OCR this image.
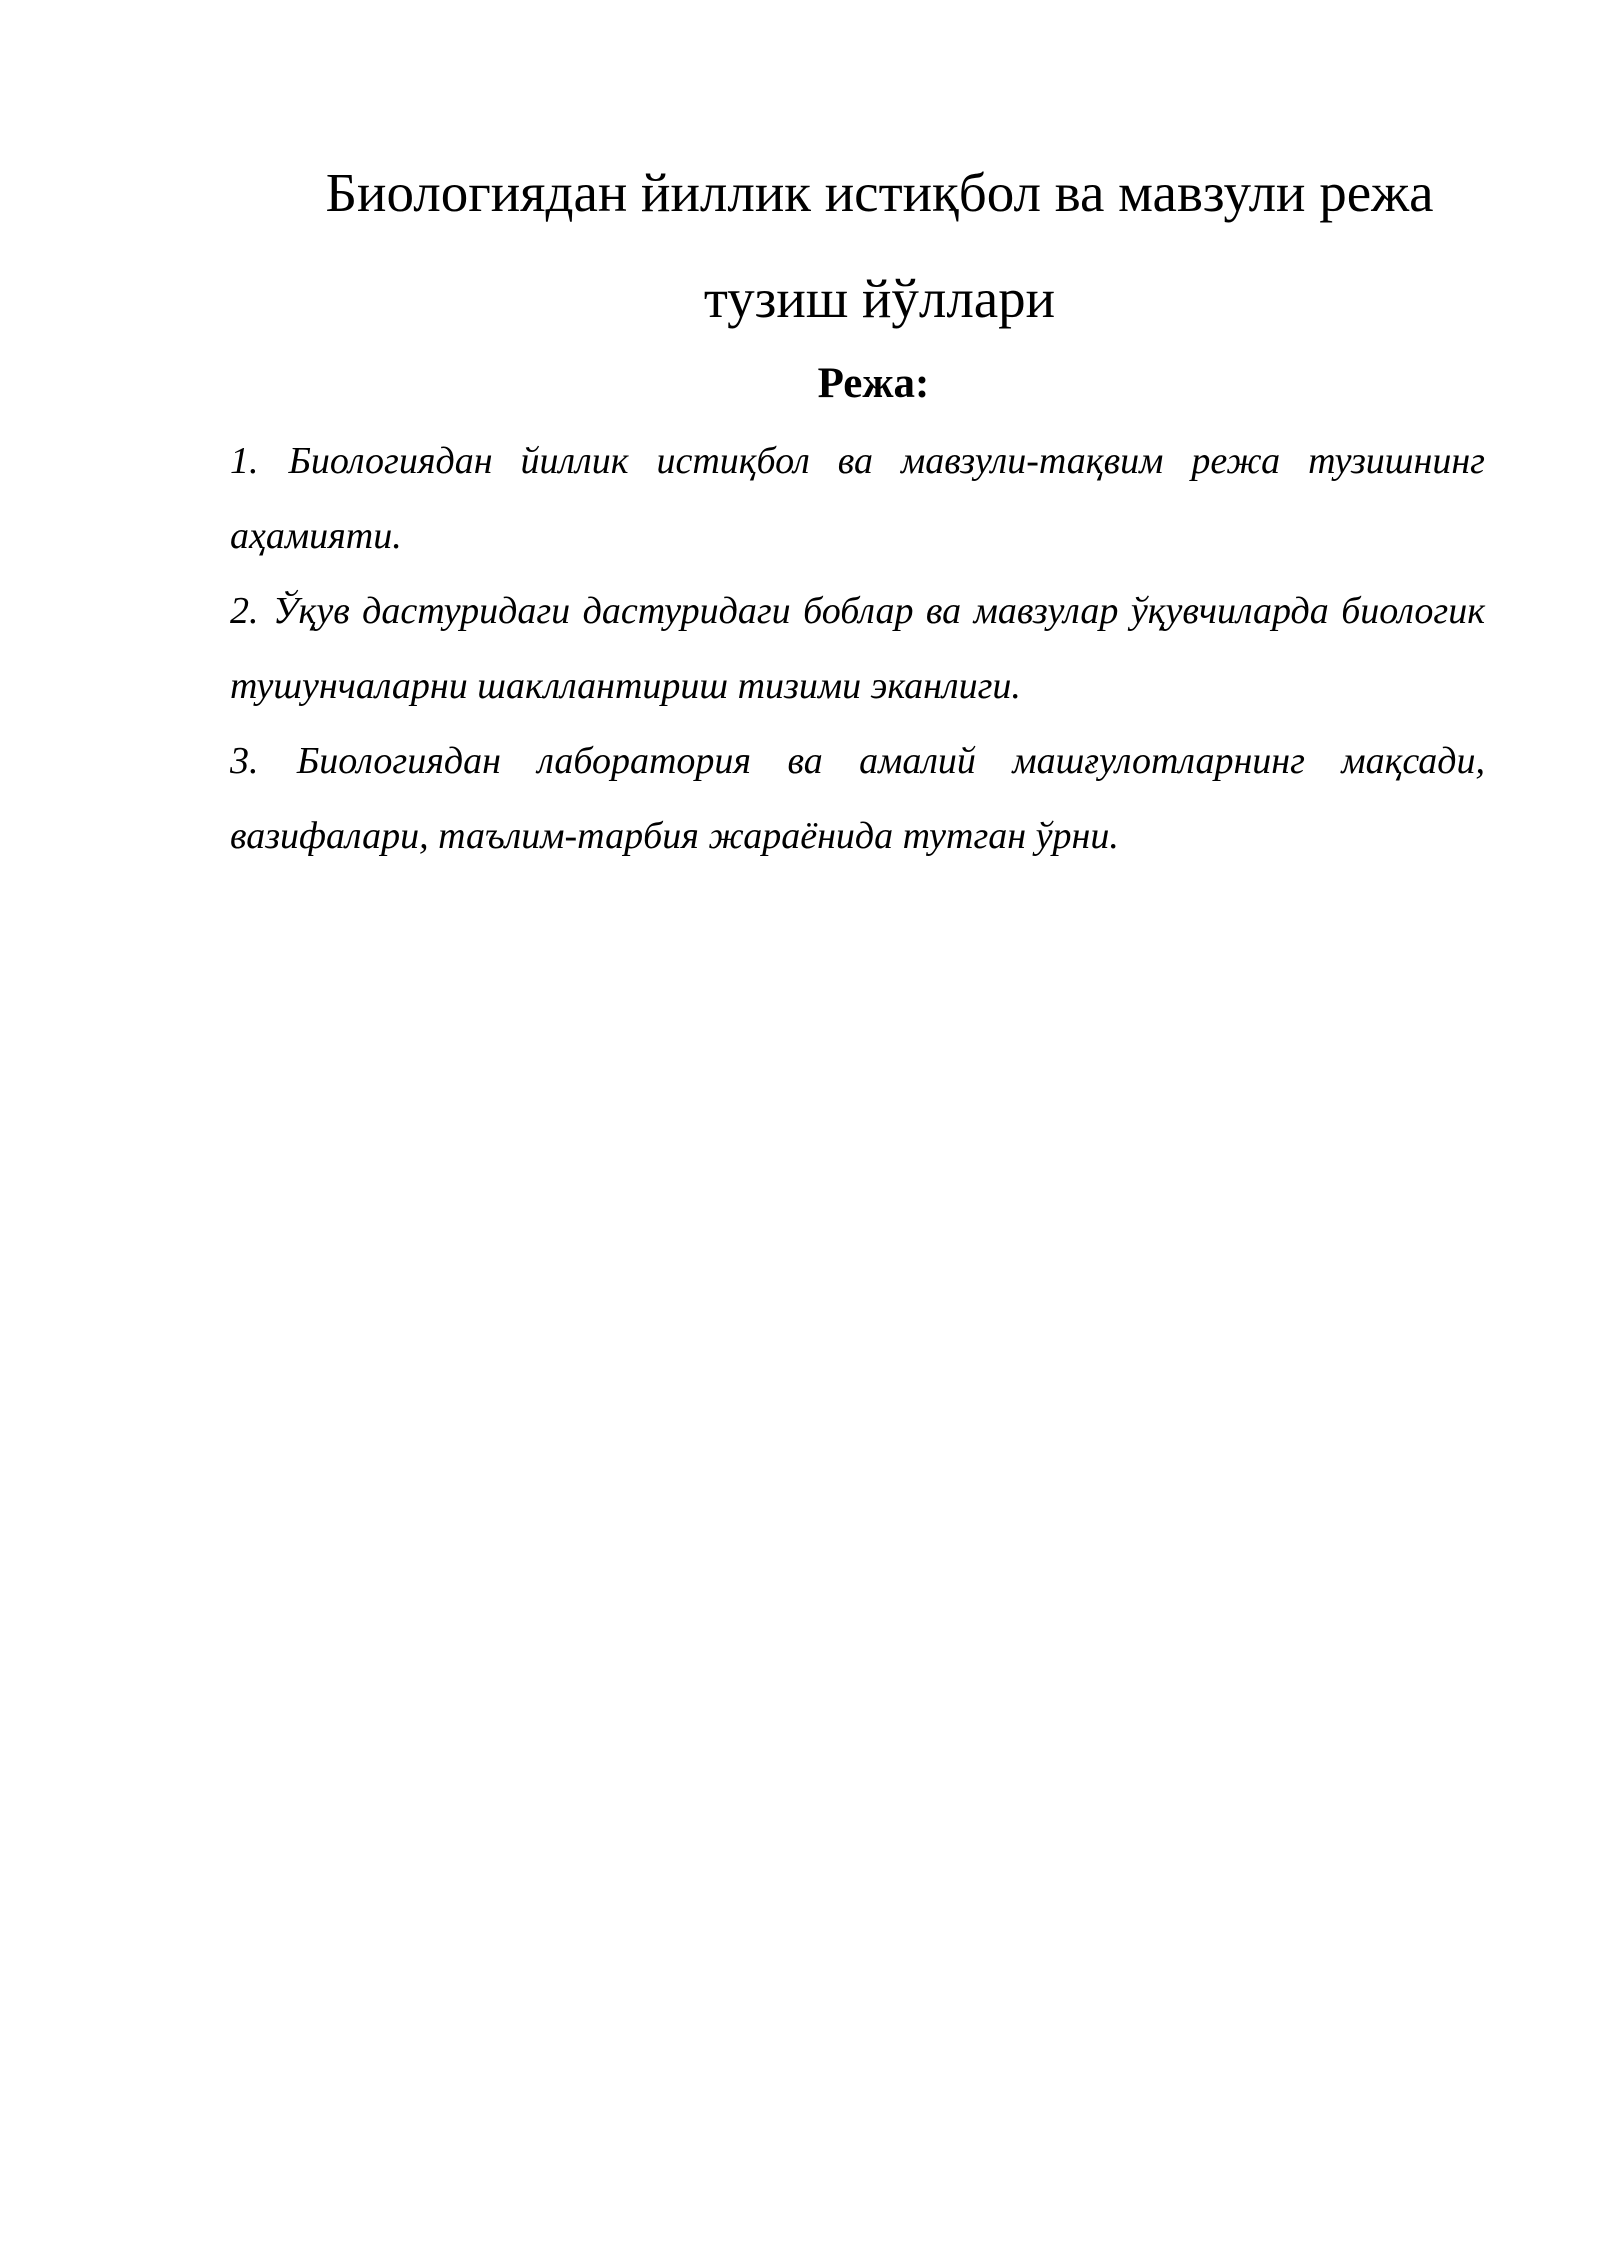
Биологиядан йиллик истиқбол ва мавзули режа
тузиш йўллари
Режа:
1. Биологиядан йиллик истиқбол ва мавзули-тақвим режа тузишнинг аҳамияти.
2. Ўқув дастуридаги дастуридаги боблар ва мавзулар ўқувчиларда биологик тушунчаларни шакллантириш тизими эканлиги.
3. Биологиядан лаборатория ва амалий машғулотларнинг мақсади, вазифалари, таълим-тарбия жараёнида тутган ўрни.
